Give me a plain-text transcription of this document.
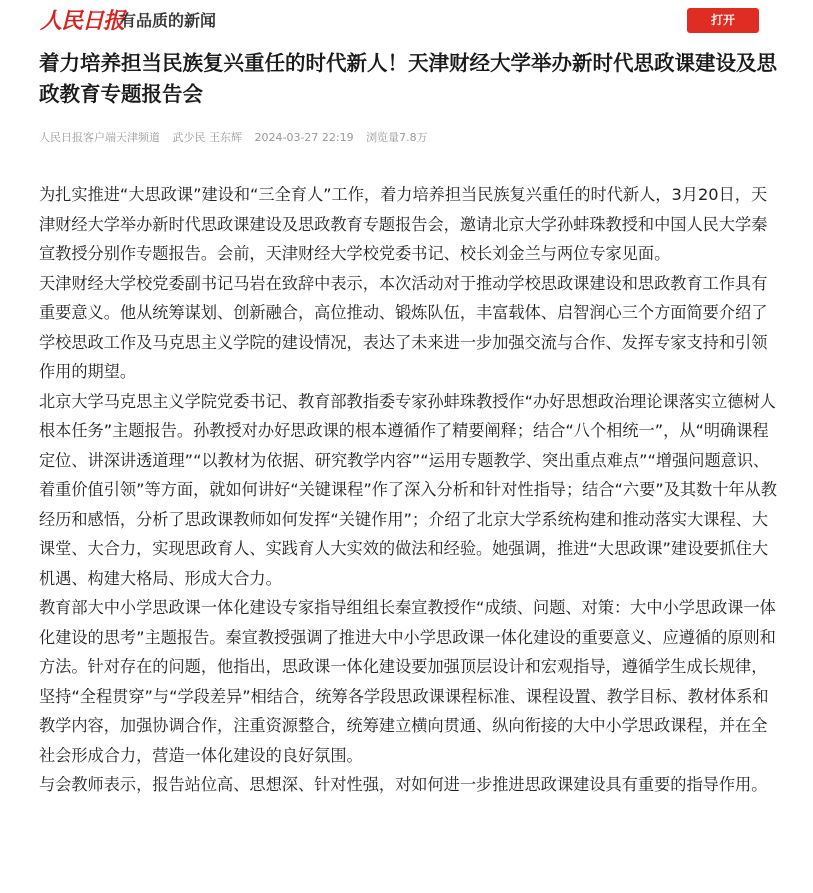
人民日报
有品质的新闻	打开
着力培养担当民族复兴重任的时代新人！天津财经大学举办新时代思政课建设及思政教育专题报告会
人民日报客户端天津频道 武少民 王东辉 2024-03-27 22:19 浏览量7.8万

为扎实推进“大思政课”建设和“三全育人”工作，着力培养担当民族复兴重任的时代新人，3月20日，天津财经大学举办新时代思政课建设及思政教育专题报告会，邀请北京大学孙蚌珠教授和中国人民大学秦宣教授分别作专题报告。会前，天津财经大学校党委书记、校长刘金兰与两位专家见面。

天津财经大学校党委副书记马岩在致辞中表示，本次活动对于推动学校思政课建设和思政教育工作具有重要意义。他从统筹谋划、创新融合，高位推动、锻炼队伍，丰富载体、启智润心三个方面简要介绍了学校思政工作及马克思主义学院的建设情况，表达了未来进一步加强交流与合作、发挥专家支持和引领作用的期望。

北京大学马克思主义学院党委书记、教育部教指委专家孙蚌珠教授作“办好思想政治理论课落实立德树人根本任务”主题报告。孙教授对办好思政课的根本遵循作了精要阐释；结合“八个相统一”，从“明确课程定位、讲深讲透道理”“以教材为依据、研究教学内容”“运用专题教学、突出重点难点”“增强问题意识、着重价值引领”等方面，就如何讲好“关键课程”作了深入分析和针对性指导；结合“六要”及其数十年从教经历和感悟，分析了思政课教师如何发挥“关键作用”；介绍了北京大学系统构建和推动落实大课程、大课堂、大合力，实现思政育人、实践育人大实效的做法和经验。她强调，推进“大思政课”建设要抓住大机遇、构建大格局、形成大合力。

教育部大中小学思政课一体化建设专家指导组组长秦宣教授作“成绩、问题、对策：大中小学思政课一体化建设的思考”主题报告。秦宣教授强调了推进大中小学思政课一体化建设的重要意义、应遵循的原则和方法。针对存在的问题，他指出，思政课一体化建设要加强顶层设计和宏观指导，遵循学生成长规律，坚持“全程贯穿”与“学段差异”相结合，统筹各学段思政课课程标准、课程设置、教学目标、教材体系和教学内容，加强协调合作，注重资源整合，统筹建立横向贯通、纵向衔接的大中小学思政课程，并在全社会形成合力，营造一体化建设的良好氛围。

与会教师表示，报告站位高、思想深、针对性强，对如何进一步推进思政课建设具有重要的指导作用。
